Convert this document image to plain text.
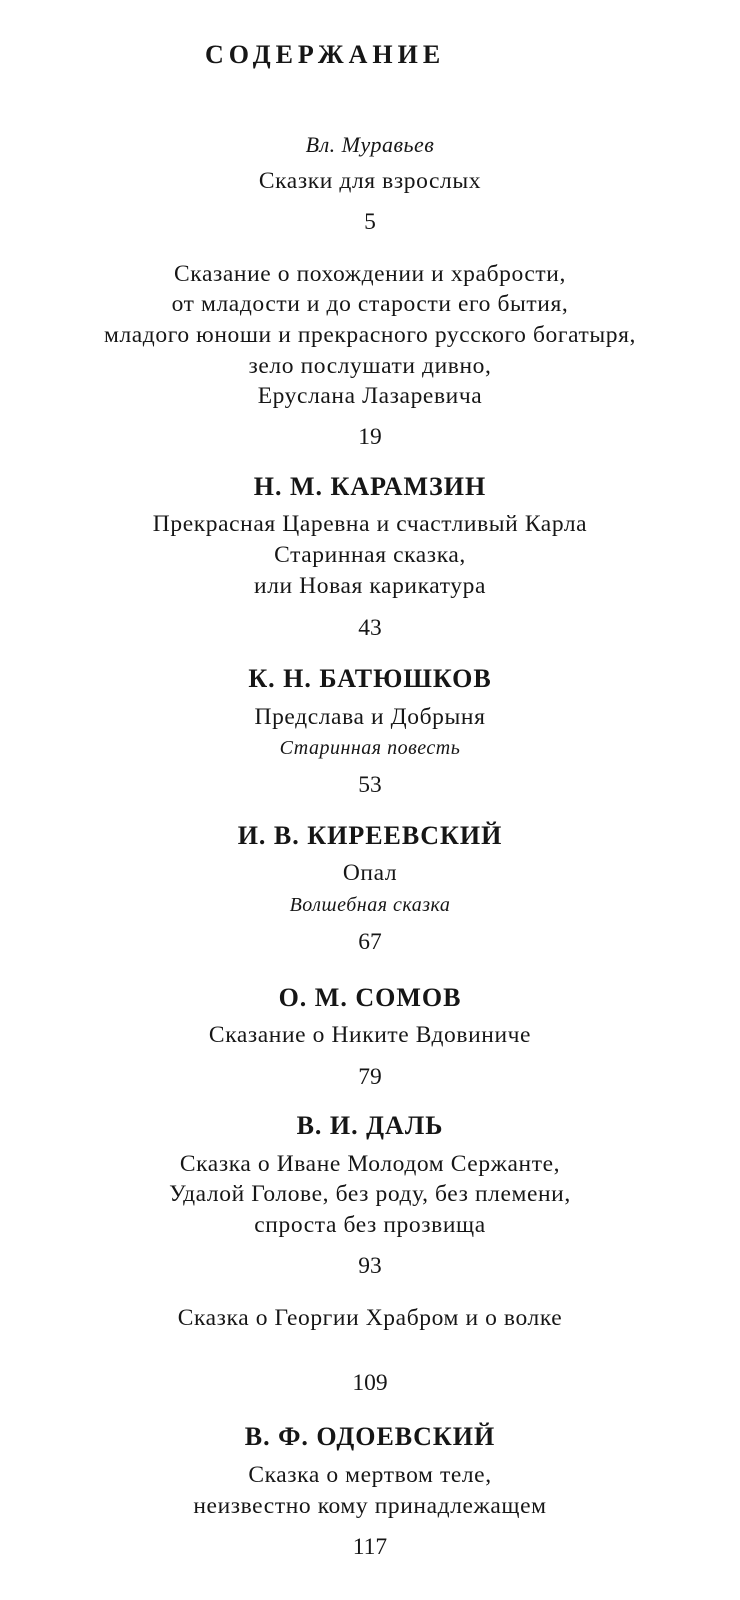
СОДЕРЖАНИЕ
Вл. Муравьев
Сказки для взрослых
5
Сказание о похождении и храбрости,
от младости и до старости его бытия,
младого юноши и прекрасного русского богатыря,
зело послушати дивно,
Еруслана Лазаревича
19
Н. М. КАРАМЗИН
Прекрасная Царевна и счастливый Карла
Старинная сказка,
или Новая карикатура
43
К. Н. БАТЮШКОВ
Предслава и Добрыня
Старинная повесть
53
И. В. КИРЕЕВСКИЙ
Опал
Волшебная сказка
67
О. М. СОМОВ
Сказание о Никите Вдовиниче
79
В. И. ДАЛЬ
Сказка о Иване Молодом Сержанте,
Удалой Голове, без роду, без племени,
спроста без прозвища
93
Сказка о Георгии Храбром и о волке
109
В. Ф. ОДОЕВСКИЙ
Сказка о мертвом теле,
неизвестно кому принадлежащем
117
